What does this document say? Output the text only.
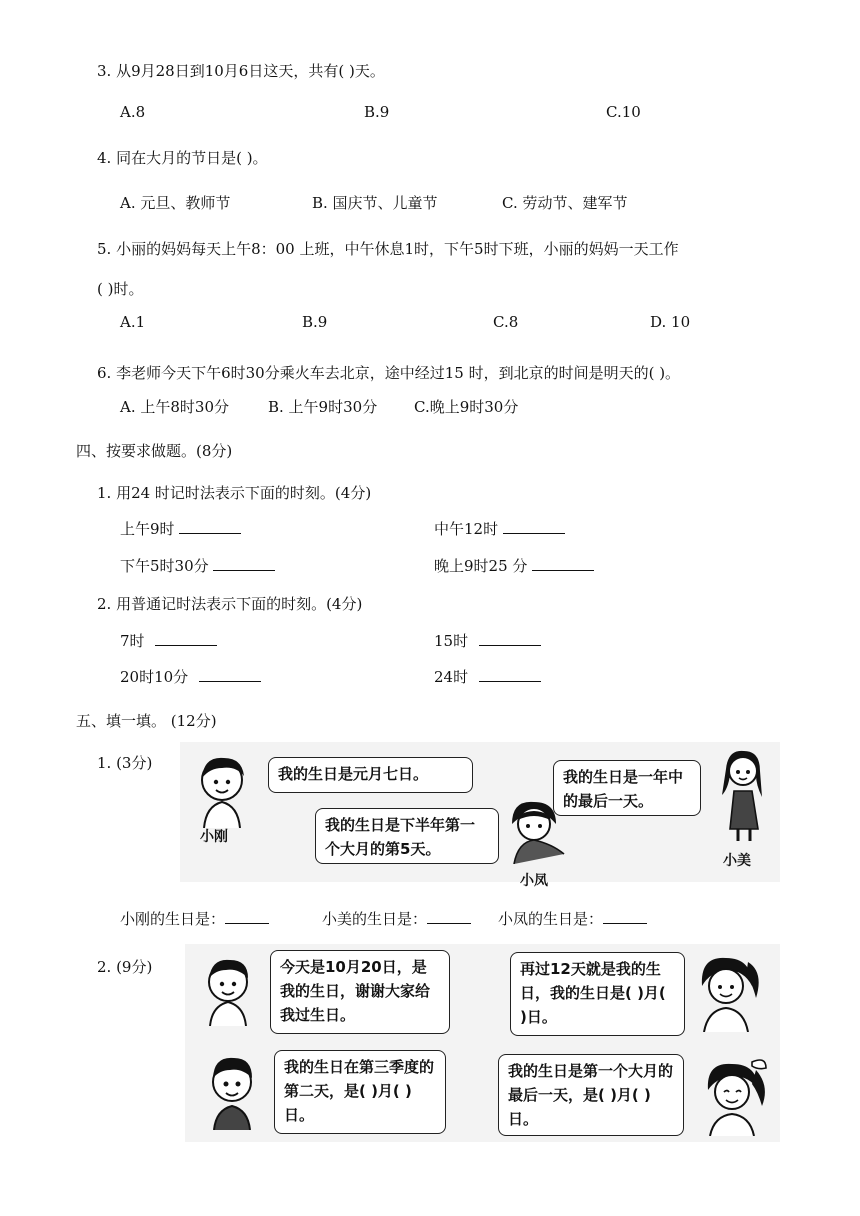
3. 从9月28日到10月6日这天，共有( )天。
A.8	B.9	C.10
4. 同在大月的节日是( )。
A. 元旦、教师节	B. 国庆节、儿童节	C. 劳动节、建军节
5. 小丽的妈妈每天上午8：00 上班，中午休息1时，下午5时下班，小丽的妈妈一天工作
( )时。
A.1	B.9	C.8	D. 10
6. 李老师今天下午6时30分乘火车去北京，途中经过15 时，到北京的时间是明天的( )。
A. 上午8时30分	B. 上午9时30分 C.晚上9时30分
四、按要求做题。(8分)
1. 用24 时记时法表示下面的时刻。(4分)
上午9时	中午12时
下午5时30分	晚上9时25 分
2. 用普通记时法表示下面的时刻。(4分)
7时	15时
20时10分	24时
五、填一填。 (12分)
1. (3分)
小刚
我的生日是元月七日。	我的生日是一年中的最后一天。
小美
我的生日是下半年第一个大月的第5天。
小凤
小刚的生日是：	小美的生日是：	小凤的生日是：
2. (9分)	今天是10月20日，是我的生日，谢谢大家给我过生日。
再过12天就是我的生日，我的生日是( )月( )日。
我的生日在第三季度的第二天，是( )月( )日。
我的生日是第一个大月的最后一天，是( )月( )日。
